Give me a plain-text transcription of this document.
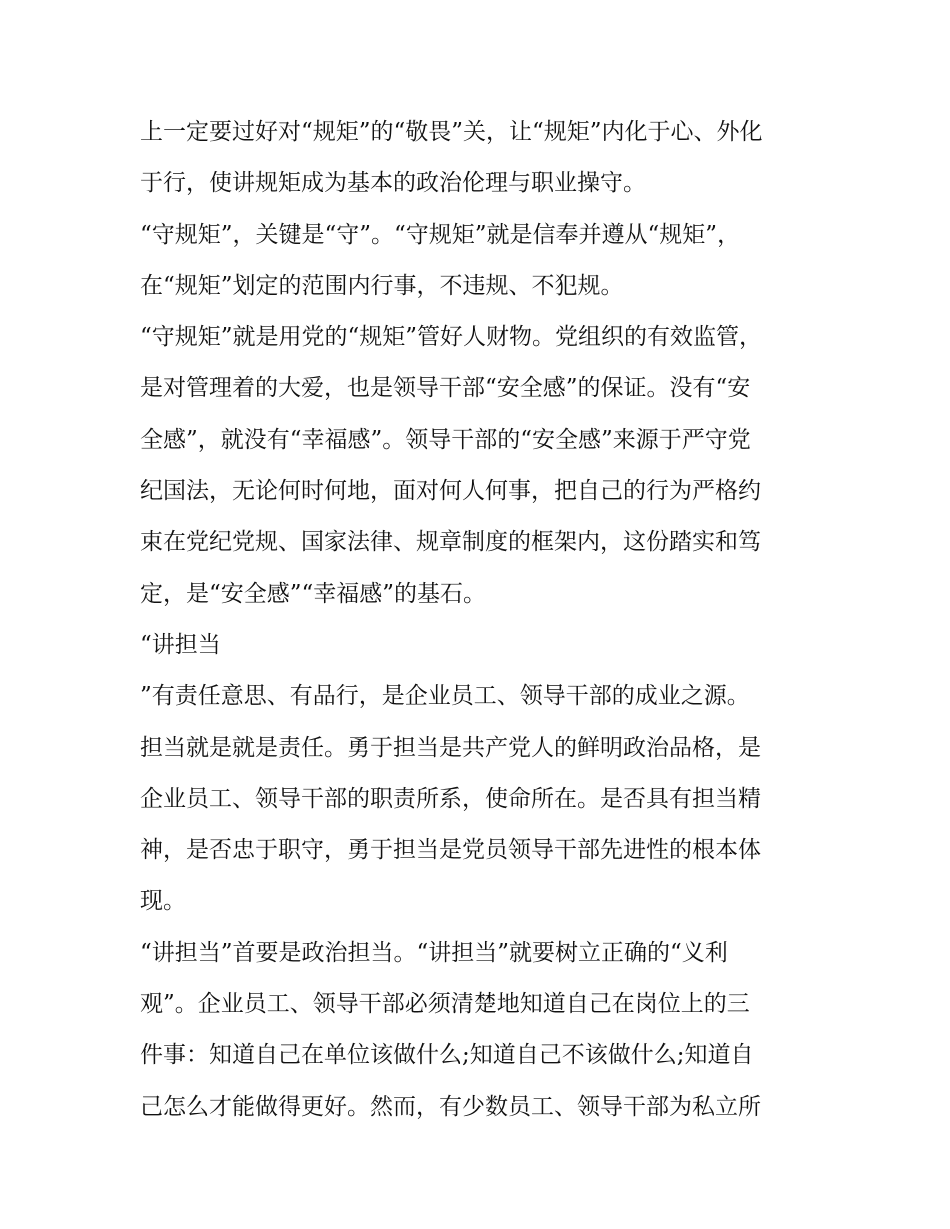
上一定要过好对“规矩”的“敬畏”关，让“规矩”内化于心、外化
于行，使讲规矩成为基本的政治伦理与职业操守。
“守规矩”，关键是“守”。“守规矩”就是信奉并遵从“规矩”，
在“规矩”划定的范围内行事，不违规、不犯规。
“守规矩”就是用党的“规矩”管好人财物。党组织的有效监管，
是对管理着的大爱，也是领导干部“安全感”的保证。没有“安
全感”，就没有“幸福感”。领导干部的“安全感”来源于严守党
纪国法，无论何时何地，面对何人何事，把自己的行为严格约
束在党纪党规、国家法律、规章制度的框架内，这份踏实和笃
定，是“安全感”“幸福感”的基石。
“讲担当
”有责任意思、有品行，是企业员工、领导干部的成业之源。
担当就是就是责任。勇于担当是共产党人的鲜明政治品格，是
企业员工、领导干部的职责所系，使命所在。是否具有担当精
神，是否忠于职守，勇于担当是党员领导干部先进性的根本体
现。
“讲担当”首要是政治担当。“讲担当”就要树立正确的“义利
观”。企业员工、领导干部必须清楚地知道自己在岗位上的三
件事：知道自己在单位该做什么;知道自己不该做什么;知道自
己怎么才能做得更好。然而，有少数员工、领导干部为私立所
